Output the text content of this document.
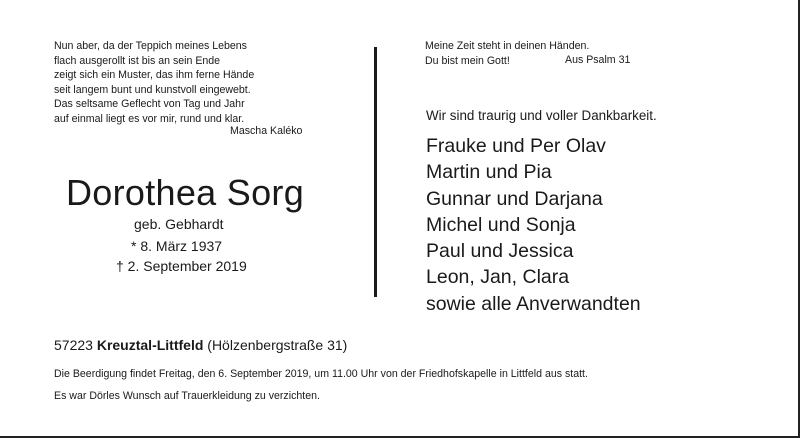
Nun aber, da der Teppich meines Lebens
flach ausgerollt ist bis an sein Ende
zeigt sich ein Muster, das ihm ferne Hände
seit langem bunt und kunstvoll eingewebt.
Das seltsame Geflecht von Tag und Jahr
auf einmal liegt es vor mir, rund und klar.
Mascha Kaléko
Dorothea Sorg
geb. Gebhardt
* 8. März 1937
† 2. September 2019
Meine Zeit steht in deinen Händen.
Du bist mein Gott!	Aus Psalm 31
Wir sind traurig und voller Dankbarkeit.
Frauke und Per Olav
Martin und Pia
Gunnar und Darjana
Michel und Sonja
Paul und Jessica
Leon, Jan, Clara
sowie alle Anverwandten
57223 Kreuztal-Littfeld (Hölzenbergstraße 31)
Die Beerdigung findet Freitag, den 6. September 2019, um 11.00 Uhr von der Friedhofskapelle in Littfeld aus statt.
Es war Dörles Wunsch auf Trauerkleidung zu verzichten.
